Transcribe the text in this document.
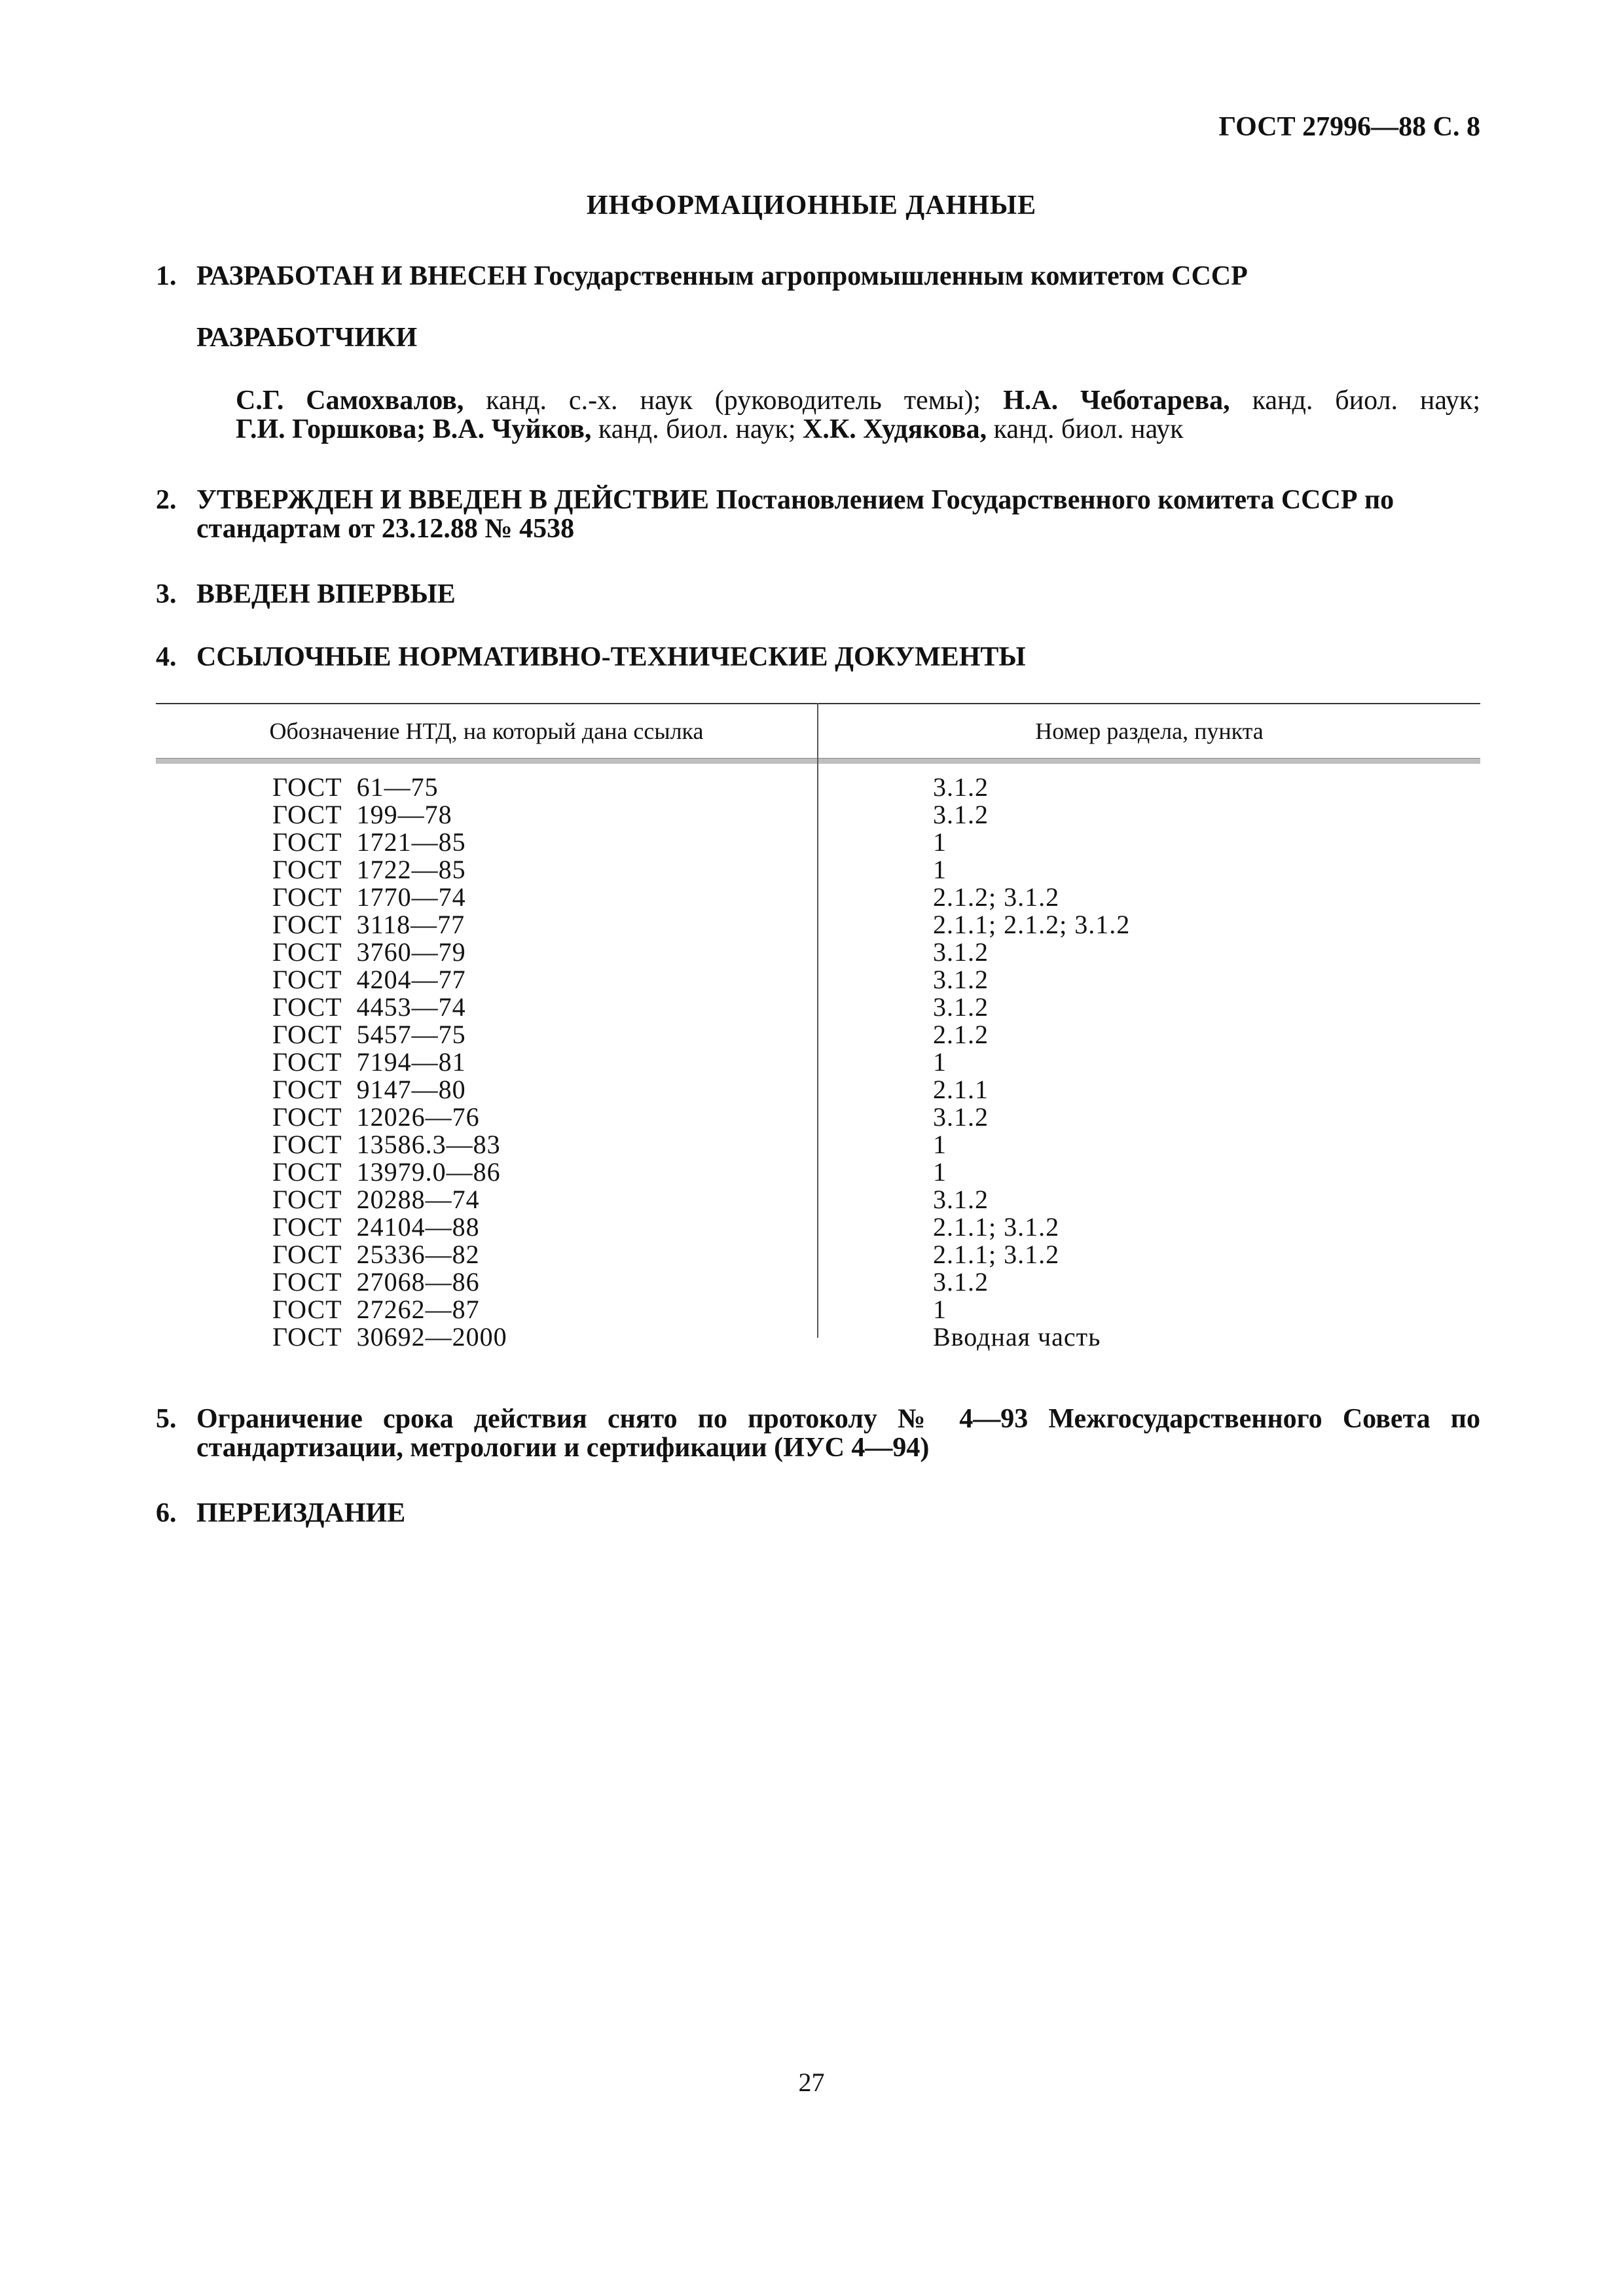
ГОСТ 27996—88 С. 8
ИНФОРМАЦИОННЫЕ ДАННЫЕ
1. РАЗРАБОТАН И ВНЕСЕН Государственным агропромышленным комитетом СССР
РАЗРАБОТЧИКИ
С.Г. Самохвалов, канд. с.-х. наук (руководитель темы); Н.А. Чеботарева, канд. биол. наук;
Г.И. Горшкова; В.А. Чуйков, канд. биол. наук; Х.К. Худякова, канд. биол. наук
2. УТВЕРЖДЕН И ВВЕДЕН В ДЕЙСТВИЕ Постановлением Государственного комитета СССР по стандартам от 23.12.88 № 4538
3. ВВЕДЕН ВПЕРВЫЕ
4. ССЫЛОЧНЫЕ НОРМАТИВНО-ТЕХНИЧЕСКИЕ ДОКУМЕНТЫ
Обозначение НТД, на который дана ссылка	Номер раздела, пункта
ГОСТ  61—75	3.1.2
ГОСТ  199—78	3.1.2
ГОСТ  1721—85	1
ГОСТ  1722—85	1
ГОСТ  1770—74	2.1.2; 3.1.2
ГОСТ  3118—77	2.1.1; 2.1.2; 3.1.2
ГОСТ  3760—79	3.1.2
ГОСТ  4204—77	3.1.2
ГОСТ  4453—74	3.1.2
ГОСТ  5457—75	2.1.2
ГОСТ  7194—81	1
ГОСТ  9147—80	2.1.1
ГОСТ  12026—76	3.1.2
ГОСТ  13586.3—83	1
ГОСТ  13979.0—86	1
ГОСТ  20288—74	3.1.2
ГОСТ  24104—88	2.1.1; 3.1.2
ГОСТ  25336—82	2.1.1; 3.1.2
ГОСТ  27068—86	3.1.2
ГОСТ  27262—87	1
ГОСТ  30692—2000	Вводная часть
5. Ограничение срока действия снято по протоколу № 4—93 Межгосударственного Совета по стандартизации, метрологии и сертификации (ИУС 4—94)
6. ПЕРЕИЗДАНИЕ
27
